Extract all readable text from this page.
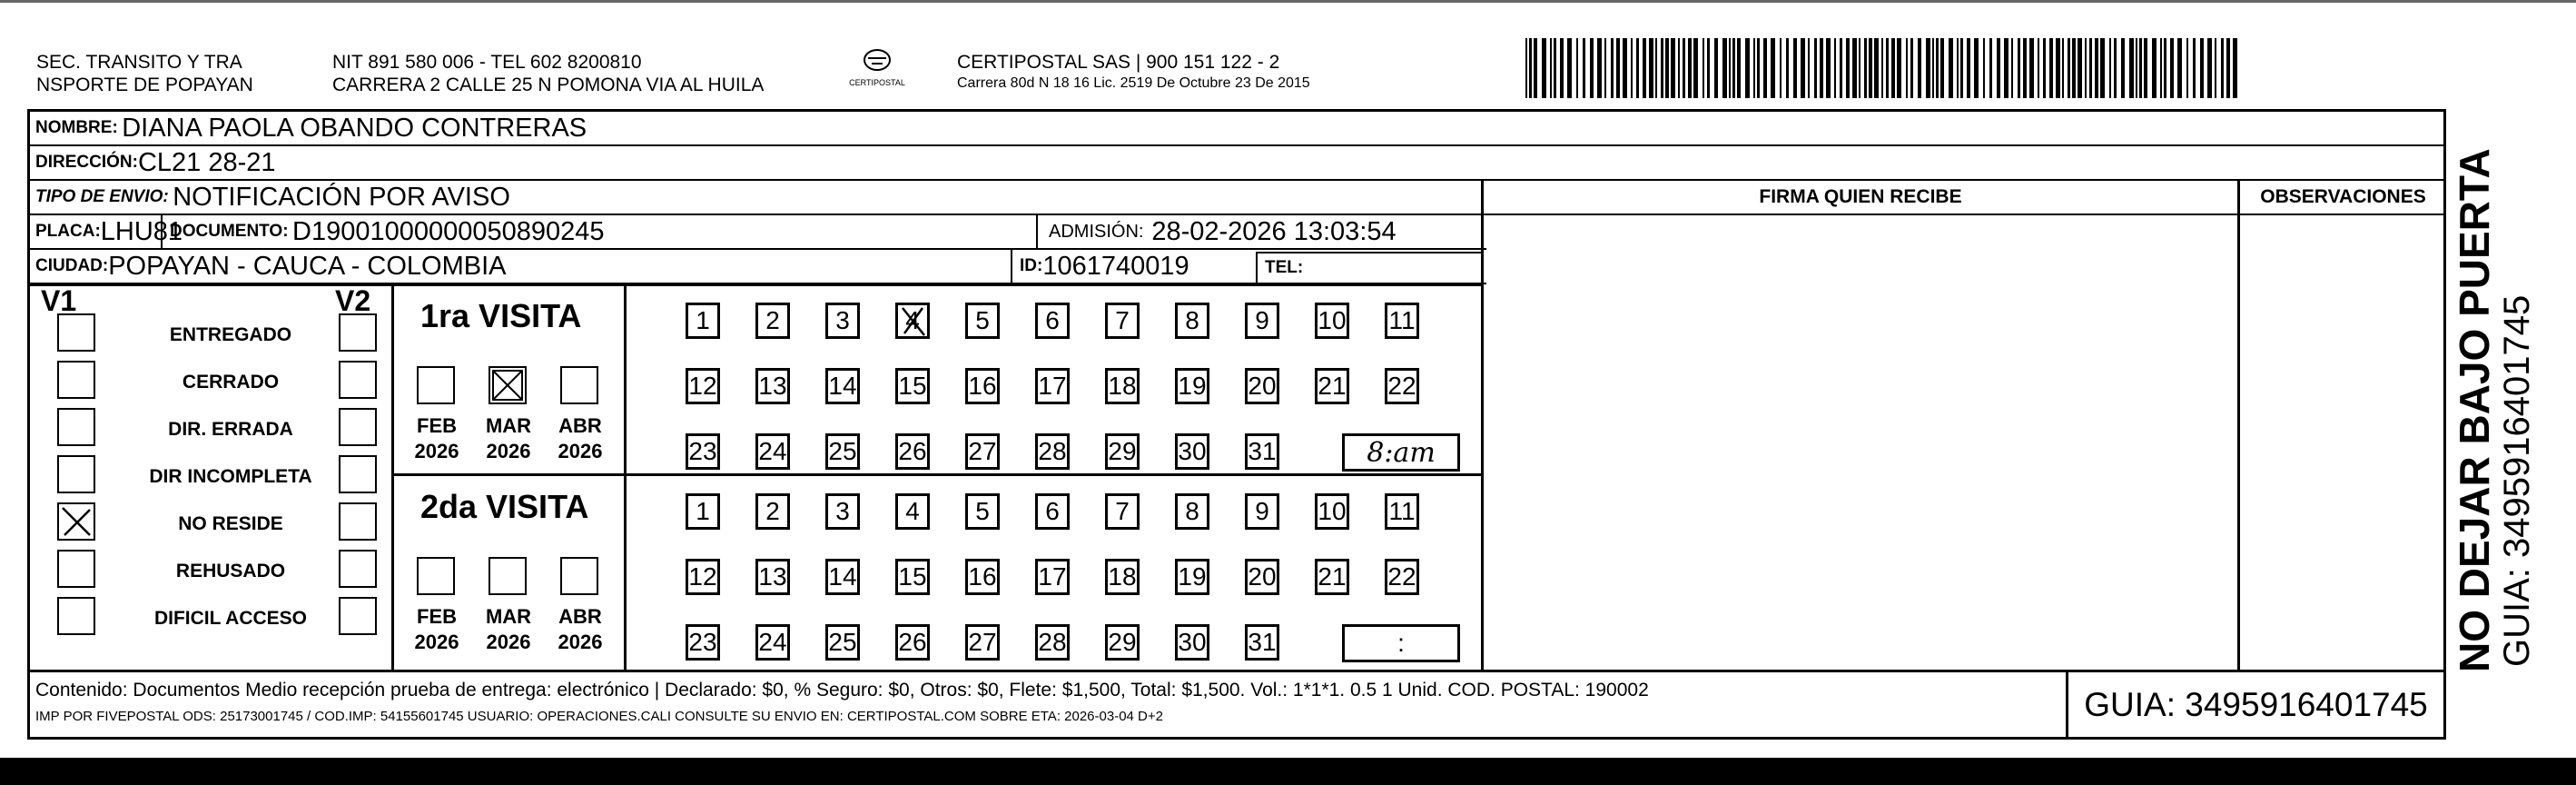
SEC. TRANSITO Y TRA
NSPORTE DE POPAYAN
NIT 891 580 006 - TEL 602 8200810
CARRERA 2 CALLE 25 N POMONA VIA AL HUILA	CERTIPOSTAL
CERTIPOSTAL SAS | 900 151 122 - 2
Carrera 80d N 18 16 Lic. 2519 De Octubre 23 De 2015
NOMBRE:
DIANA PAOLA OBANDO CONTRERAS
DIRECCIÓN: CL21 28-21
TIPO DE ENVIO:
NOTIFICACIÓN POR AVISO
PLACA: LHU81
DOCUMENTO:
D19001000000050890245	ADMISIÓN:
28-02-2026 13:03:54
CIUDAD: POPAYAN - CAUCA - COLOMBIA	ID: 1061740019	TEL:
FIRMA QUIEN RECIBE	OBSERVACIONES
V1	V2
ENTREGADO
CERRADO
DIR. ERRADA
DIR INCOMPLETA
NO RESIDE
REHUSADO
DIFICIL ACCESO
1ra VISITA
FEB
2026
MAR
2026
ABR
2026
1 2 3 4 5 6 7 8 9 10 11
12 13 14 15 16 17 18 19 20 21 22
23 24 25 26 27 28 29 30 31	8:am
2da VISITA
FEB
2026
MAR
2026
ABR
2026
1 2 3 4 5 6 7 8 9 10 11
12 13 14 15 16 17 18 19 20 21 22
23 24 25 26 27 28 29 30 31	:
Contenido: Documentos Medio recepción prueba de entrega: electrónico | Declarado: $0, % Seguro: $0, Otros: $0, Flete: $1,500, Total: $1,500. Vol.: 1*1*1. 0.5 1 Unid. COD. POSTAL: 190002
IMP POR FIVEPOSTAL ODS: 25173001745 / COD.IMP: 54155601745 USUARIO: OPERACIONES.CALI CONSULTE SU ENVIO EN: CERTIPOSTAL.COM SOBRE ETA: 2026-03-04 D+2	GUIA: 3495916401745
NO DEJAR BAJO PUERTA GUIA: 3495916401745
